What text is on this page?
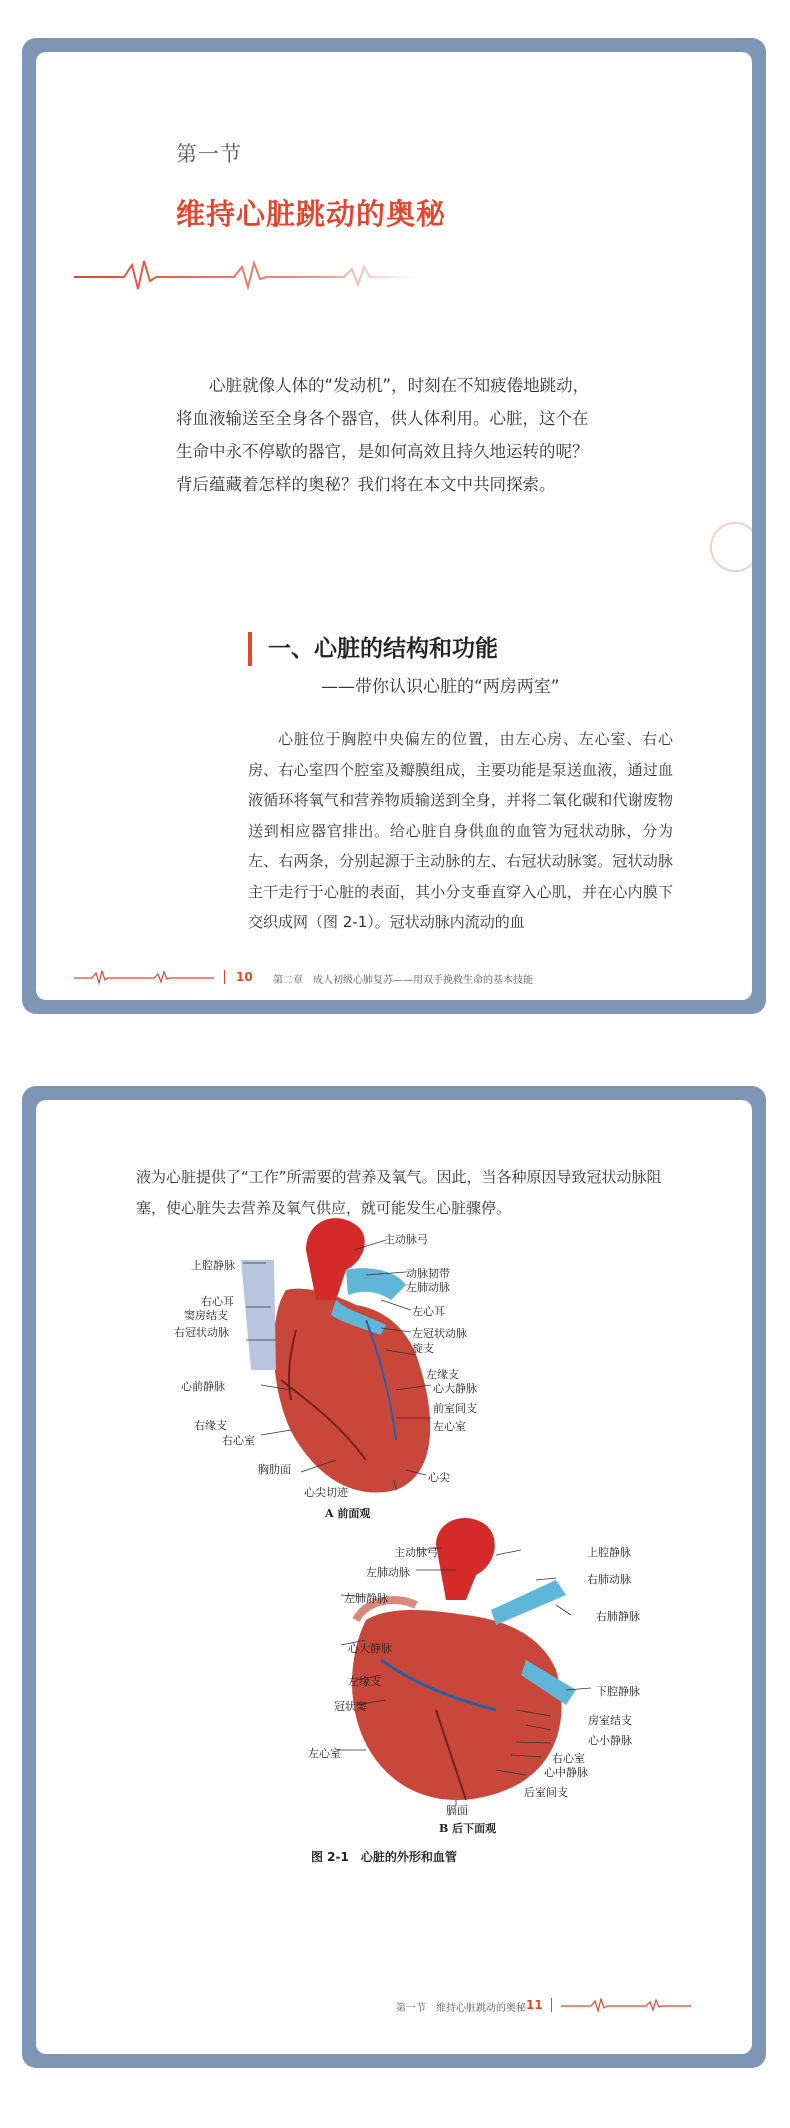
第一节
维持心脏跳动的奥秘
心脏就像人体的“发动机”，时刻在不知疲倦地跳动，将血液输送至全身各个器官，供人体利用。心脏，这个在生命中永不停歇的器官，是如何高效且持久地运转的呢？背后蕴藏着怎样的奥秘？我们将在本文中共同探索。
一、心脏的结构和功能
——带你认识心脏的“两房两室”
心脏位于胸腔中央偏左的位置，由左心房、左心室、右心房、右心室四个腔室及瓣膜组成，主要功能是泵送血液，通过血液循环将氧气和营养物质输送到全身，并将二氧化碳和代谢废物送到相应器官排出。给心脏自身供血的血管为冠状动脉，分为左、右两条，分别起源于主动脉的左、右冠状动脉窦。冠状动脉主干走行于心脏的表面，其小分支垂直穿入心肌，并在心内膜下交织成网（图 2-1）。冠状动脉内流动的血
10 第二章　成人初级心肺复苏——用双手挽救生命的基本技能
液为心脏提供了“工作”所需要的营养及氧气。因此，当各种原因导致冠状动脉阻塞，使心脏失去营养及氧气供应，就可能发生心脏骤停。
主动脉弓
上腔静脉
动脉韧带
左肺动脉
右心耳
窦房结支	左心耳
右冠状动脉	左冠状动脉
旋支
左缘支
心前静脉	心大静脉
前室间支
右缘支
右心室
左心室
胸肋面
心尖
心尖切迹
A 前面观
主动脉弓
左肺动脉
上腔静脉
右肺动脉
左肺静脉
右肺静脉
心大静脉
下腔静脉
左缘支
冠状窦
房室结支
心小静脉
左心室	右心室
心中静脉
后室间支
膈面
B 后下面观
图 2-1　心脏的外形和血管
第一节　维持心脏跳动的奥秘 11
